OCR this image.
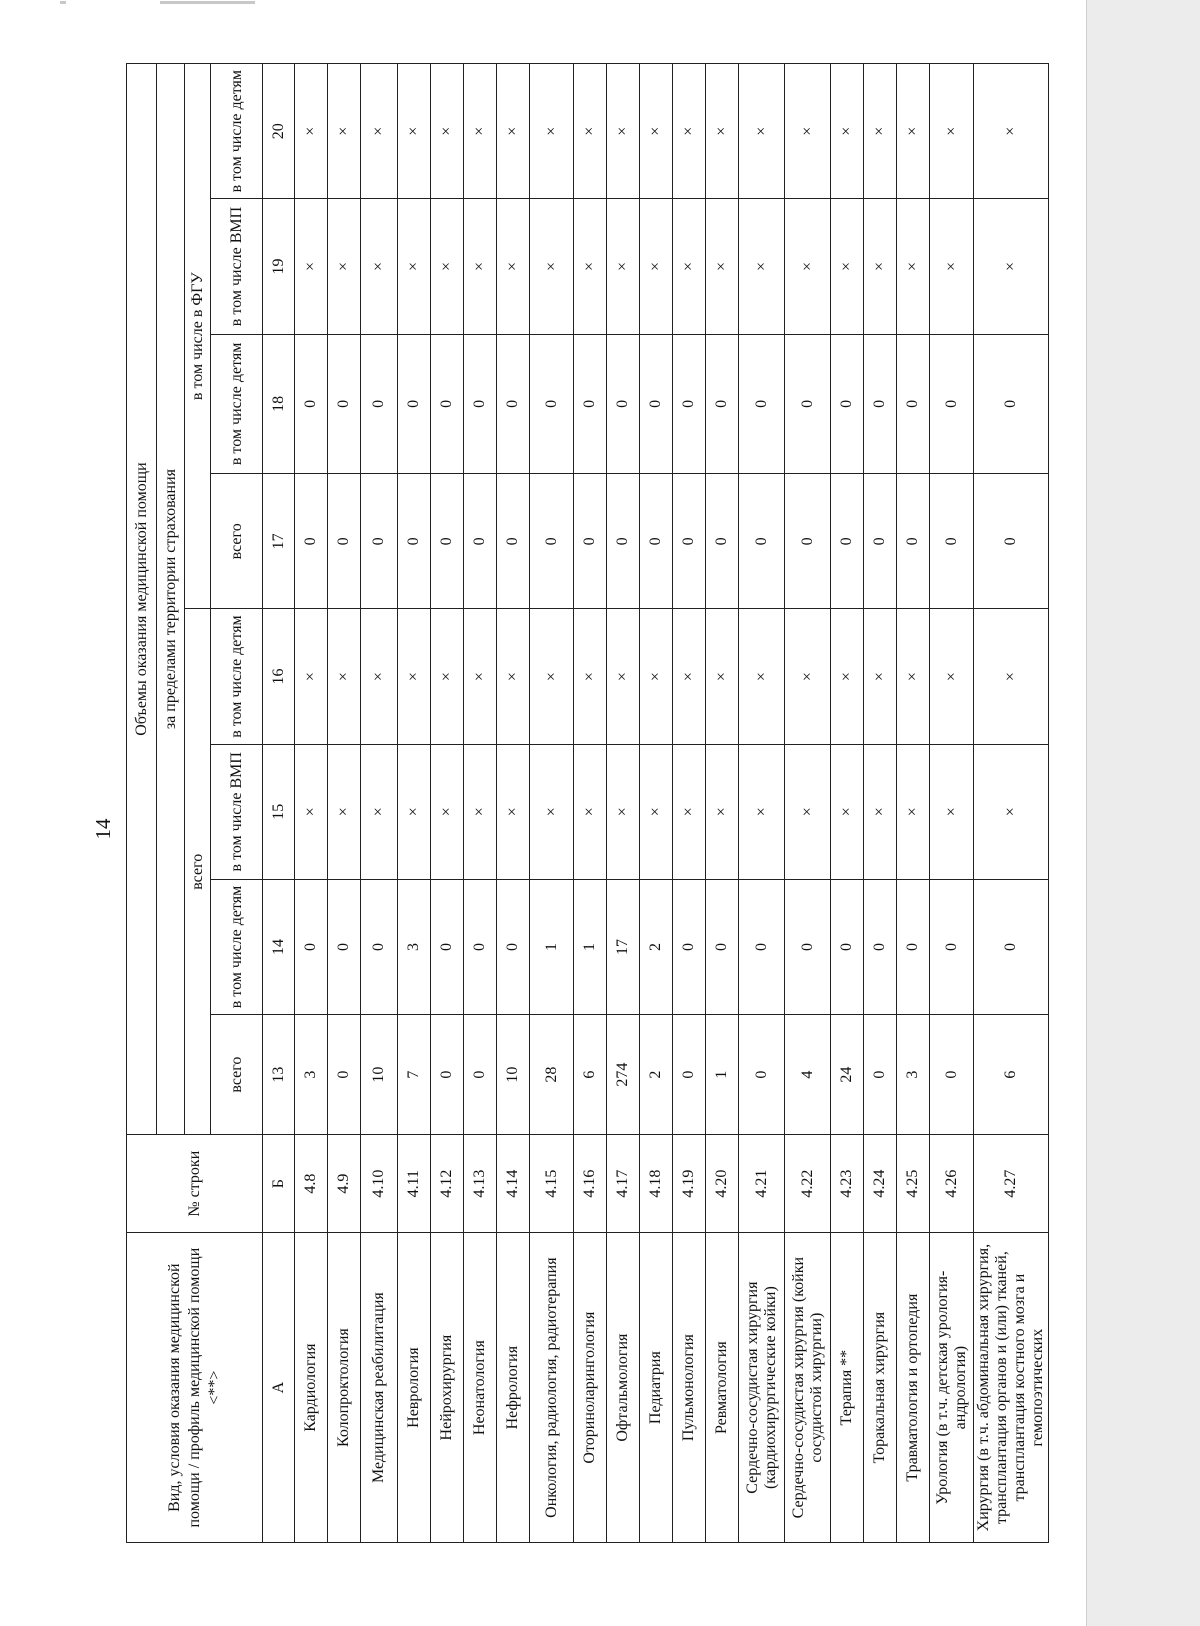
14
Вид, условия оказания медицинской помощи / профиль медицинской помощи <**>	№ строки	Объемы оказания медицинской помощи							
		за пределами территории страхования							
		всего				в том числе в ФГУ			
		всего	в том числе детям	в том числе ВМП	в том числе детям	всего	в том числе детям	в том числе ВМП	в том числе детям
А	Б	13	14	15	16	17	18	19	20
Кардиология	4.8	3	0	×	×	0	0	×	×
Колопроктология	4.9	0	0	×	×	0	0	×	×
Медицинская реабилитация	4.10	10	0	×	×	0	0	×	×
Неврология	4.11	7	3	×	×	0	0	×	×
Нейрохирургия	4.12	0	0	×	×	0	0	×	×
Неонатология	4.13	0	0	×	×	0	0	×	×
Нефрология	4.14	10	0	×	×	0	0	×	×
Онкология, радиология, радиотерапия	4.15	28	1	×	×	0	0	×	×
Оториноларингология	4.16	6	1	×	×	0	0	×	×
Офтальмология	4.17	274	17	×	×	0	0	×	×
Педиатрия	4.18	2	2	×	×	0	0	×	×
Пульмонология	4.19	0	0	×	×	0	0	×	×
Ревматология	4.20	1	0	×	×	0	0	×	×
Сердечно-сосудистая хирургия (кардиохирургические койки)	4.21	0	0	×	×	0	0	×	×
Сердечно-сосудистая хирургия (койки сосудистой хирургии)	4.22	4	0	×	×	0	0	×	×
Терапия **	4.23	24	0	×	×	0	0	×	×
Торакальная хирургия	4.24	0	0	×	×	0	0	×	×
Травматология и ортопедия	4.25	3	0	×	×	0	0	×	×
Урология (в т.ч. детская урология-андрология)	4.26	0	0	×	×	0	0	×	×
Хирургия (в т.ч. абдоминальная хирургия, трансплантация органов и (или) тканей, трансплантация костного мозга и гемопоэтических	4.27	6	0	×	×	0	0	×	×
